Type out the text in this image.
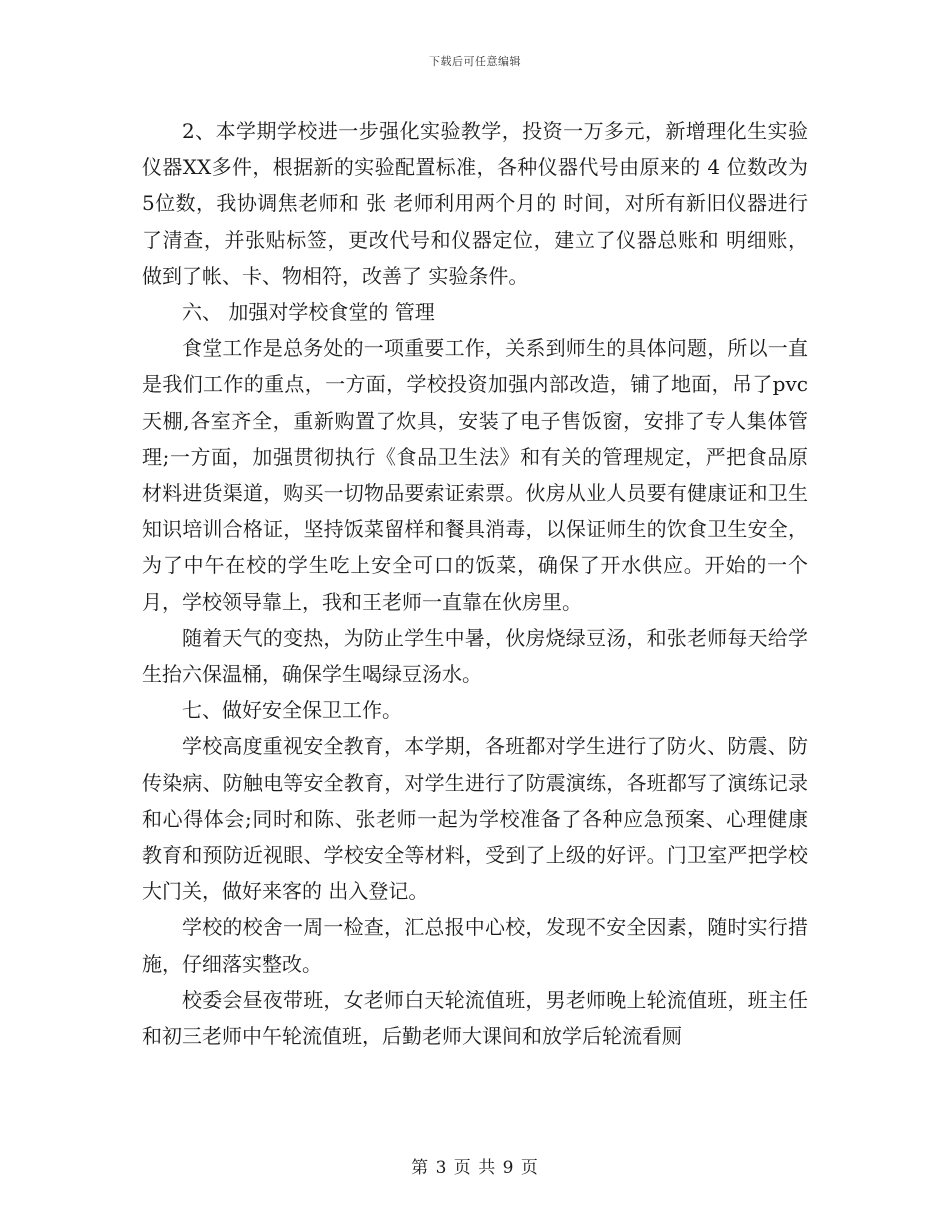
下载后可任意编辑

2、本学期学校进一步强化实验教学，投资一万多元，新增理化生实验仪器XX多件，根据新的实验配置标准，各种仪器代号由原来的 4 位数改为5位数，我协调焦老师和 张 老师利用两个月的 时间，对所有新旧仪器进行了清查，并张贴标签，更改代号和仪器定位，建立了仪器总账和 明细账，做到了帐、卡、物相符，改善了 实验条件。

六、 加强对学校食堂的 管理

食堂工作是总务处的一项重要工作，关系到师生的具体问题，所以一直是我们工作的重点，一方面，学校投资加强内部改造，铺了地面，吊了pvc天棚,各室齐全，重新购置了炊具，安装了电子售饭窗，安排了专人集体管理;一方面，加强贯彻执行《食品卫生法》和有关的管理规定，严把食品原材料进货渠道，购买一切物品要索证索票。伙房从业人员要有健康证和卫生知识培训合格证，坚持饭菜留样和餐具消毒，以保证师生的饮食卫生安全，为了中午在校的学生吃上安全可口的饭菜，确保了开水供应。开始的一个月，学校领导靠上，我和王老师一直靠在伙房里。

随着天气的变热，为防止学生中暑，伙房烧绿豆汤，和张老师每天给学生抬六保温桶，确保学生喝绿豆汤水。

七、做好安全保卫工作。

学校高度重视安全教育，本学期，各班都对学生进行了防火、防震、防传染病、防触电等安全教育，对学生进行了防震演练，各班都写了演练记录和心得体会;同时和陈、张老师一起为学校准备了各种应急预案、心理健康教育和预防近视眼、学校安全等材料，受到了上级的好评。门卫室严把学校大门关，做好来客的 出入登记。

学校的校舍一周一检查，汇总报中心校，发现不安全因素，随时实行措施，仔细落实整改。

校委会昼夜带班，女老师白天轮流值班，男老师晚上轮流值班，班主任和初三老师中午轮流值班，后勤老师大课间和放学后轮流看厕

第 3 页 共 9 页
